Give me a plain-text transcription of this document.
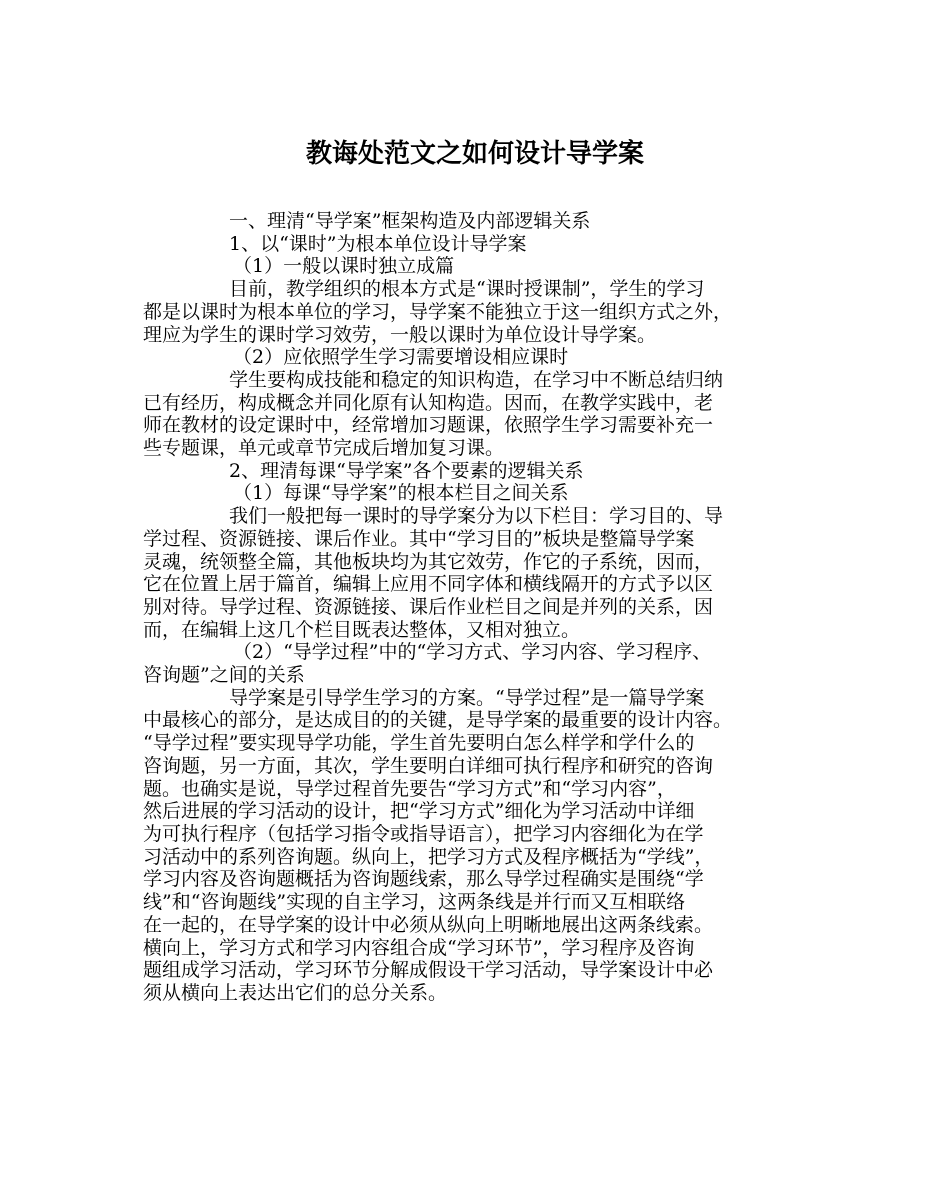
教诲处范文之如何设计导学案

一、理清“导学案”框架构造及内部逻辑关系

1、以“课时”为根本单位设计导学案

（1）一般以课时独立成篇

目前，教学组织的根本方式是“课时授课制”，学生的学习

都是以课时为根本单位的学习，导学案不能独立于这一组织方式之外，

理应为学生的课时学习效劳，一般以课时为单位设计导学案。

（2）应依照学生学习需要增设相应课时

学生要构成技能和稳定的知识构造，在学习中不断总结归纳

已有经历，构成概念并同化原有认知构造。因而，在教学实践中，老

师在教材的设定课时中，经常增加习题课，依照学生学习需要补充一

些专题课，单元或章节完成后增加复习课。

2、理清每课“导学案”各个要素的逻辑关系

（1）每课“导学案”的根本栏目之间关系

我们一般把每一课时的导学案分为以下栏目：学习目的、导

学过程、资源链接、课后作业。其中“学习目的”板块是整篇导学案

灵魂，统领整全篇，其他板块均为其它效劳，作它的子系统，因而，

它在位置上居于篇首，编辑上应用不同字体和横线隔开的方式予以区

别对待。导学过程、资源链接、课后作业栏目之间是并列的关系，因

而，在编辑上这几个栏目既表达整体，又相对独立。

（2）“导学过程”中的“学习方式、学习内容、学习程序、

咨询题”之间的关系

导学案是引导学生学习的方案。“导学过程”是一篇导学案

中最核心的部分，是达成目的的关键，是导学案的最重要的设计内容。

“导学过程”要实现导学功能，学生首先要明白怎么样学和学什么的

咨询题，另一方面，其次，学生要明白详细可执行程序和研究的咨询

题。也确实是说，导学过程首先要告“学习方式”和“学习内容”，

然后进展的学习活动的设计，把“学习方式”细化为学习活动中详细

为可执行程序（包括学习指令或指导语言），把学习内容细化为在学

习活动中的系列咨询题。纵向上，把学习方式及程序概括为“学线”，

学习内容及咨询题概括为咨询题线索，那么导学过程确实是围绕“学

线”和“咨询题线”实现的自主学习，这两条线是并行而又互相联络

在一起的，在导学案的设计中必须从纵向上明晰地展出这两条线索。

横向上，学习方式和学习内容组合成“学习环节”，学习程序及咨询

题组成学习活动，学习环节分解成假设干学习活动，导学案设计中必

须从横向上表达出它们的总分关系。
